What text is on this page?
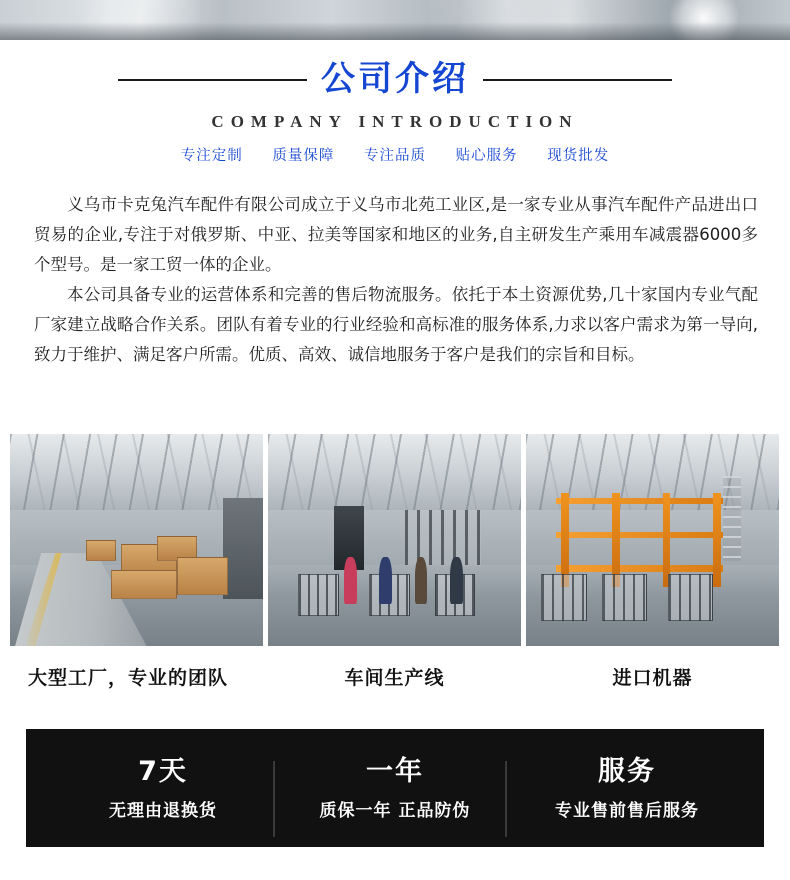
公司介绍
COMPANY INTRODUCTION
专注定制 质量保障 专注品质 贴心服务 现货批发

义乌市卡克兔汽车配件有限公司成立于义乌市北苑工业区,是一家专业从事汽车配件产品进出口贸易的企业,专注于对俄罗斯、中亚、拉美等国家和地区的业务,自主研发生产乘用车减震器6000多个型号。是一家工贸一体的企业。

本公司具备专业的运营体系和完善的售后物流服务。依托于本土资源优势,几十家国内专业气配厂家建立战略合作关系。团队有着专业的行业经验和高标准的服务体系,力求以客户需求为第一导向,致力于维护、满足客户所需。优质、高效、诚信地服务于客户是我们的宗旨和目标。

大型工厂，专业的团队	车间生产线	进口机器
7天
无理由退换货
一年
质保一年 正品防伪
服务
专业售前售后服务
